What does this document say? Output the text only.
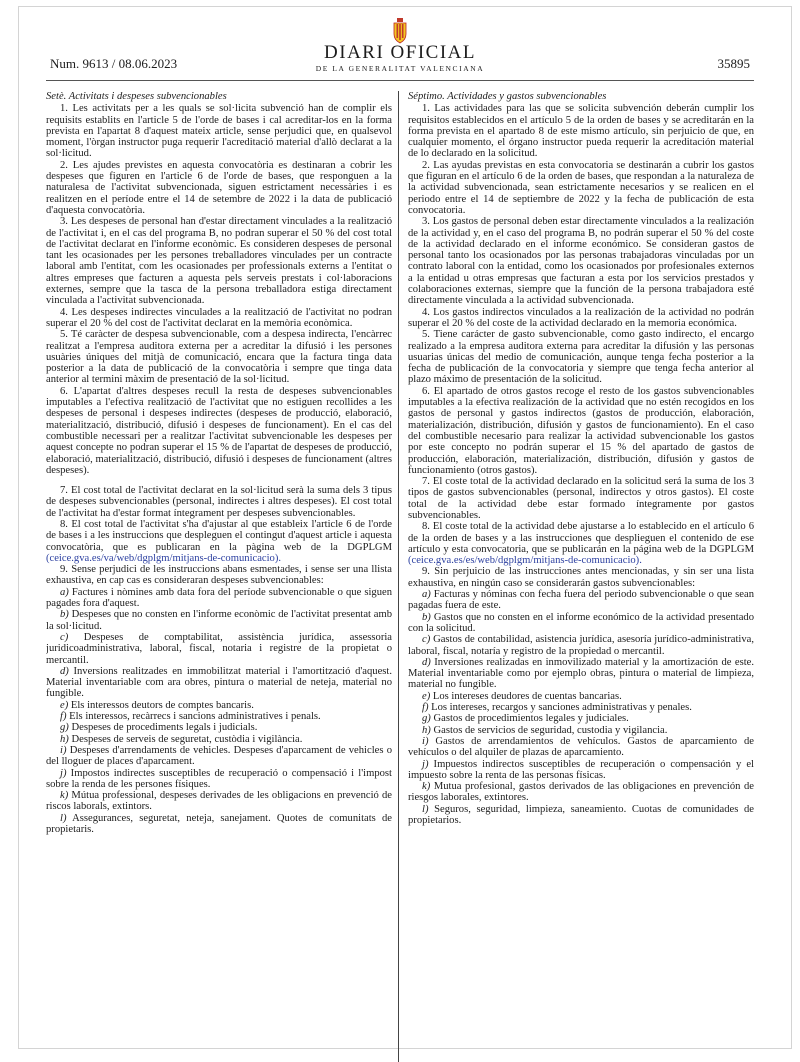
Num. 9613 / 08.06.2023
DIARI OFICIAL
DE LA GENERALITAT VALENCIANA	35895
Setè. Activitats i despeses subvencionables

1. Les activitats per a les quals se sol·licita subvenció han de complir els requisits establits en l'article 5 de l'orde de bases i cal acreditar-los en la forma prevista en l'apartat 8 d'aquest mateix article, sense perjudici que, en qualsevol moment, l'òrgan instructor puga requerir l'acreditació material d'allò declarat a la sol·licitud.

2. Les ajudes previstes en aquesta convocatòria es destinaran a cobrir les despeses que figuren en l'article 6 de l'orde de bases, que responguen a la naturalesa de l'activitat subvencionada, siguen estrictament necessàries i es realitzen en el període entre el 14 de setembre de 2022 i la data de publicació d'aquesta convocatòria.

3. Les despeses de personal han d'estar directament vinculades a la realització de l'activitat i, en el cas del programa B, no podran superar el 50 % del cost total de l'activitat declarat en l'informe econòmic. Es consideren despeses de personal tant les ocasionades per les persones treballadores vinculades per un contracte laboral amb l'entitat, com les ocasionades per professionals externs a l'entitat o altres empreses que facturen a aquesta pels serveis prestats i col·laboracions externes, sempre que la tasca de la persona treballadora estiga directament vinculada a l'activitat subvencionada.

4. Les despeses indirectes vinculades a la realització de l'activitat no podran superar el 20 % del cost de l'activitat declarat en la memòria econòmica.

5. Té caràcter de despesa subvencionable, com a despesa indirecta, l'encàrrec realitzat a l'empresa auditora externa per a acreditar la difusió i les persones usuàries úniques del mitjà de comunicació, encara que la factura tinga data posterior a la data de publicació de la convocatòria i sempre que tinga data anterior al termini màxim de presentació de la sol·licitud.

6. L'apartat d'altres despeses recull la resta de despeses subvencionables imputables a l'efectiva realització de l'activitat que no estiguen recollides a les despeses de personal i despeses indirectes (despeses de producció, elaboració, materialització, distribució, difusió i despeses de funcionament). En el cas del combustible necessari per a realitzar l'activitat subvencionable les despeses per aquest concepte no podran superar el 15 % de l'apartat de despeses de producció, elaboració, materialització, distribució, difusió i despeses de funcionament (altres despeses).

7. El cost total de l'activitat declarat en la sol·licitud serà la suma dels 3 tipus de despeses subvencionables (personal, indirectes i altres despeses). El cost total de l'activitat ha d'estar format íntegrament per despeses subvencionables.

8. El cost total de l'activitat s'ha d'ajustar al que estableix l'article 6 de l'orde de bases i a les instruccions que despleguen el contingut d'aquest article i aquesta convocatòria, que es publicaran en la pàgina web de la DGPLGM (ceice.gva.es/va/web/dgplgm/mitjans-de-comunicacio).

9. Sense perjudici de les instruccions abans esmentades, i sense ser una llista exhaustiva, en cap cas es consideraran despeses subvencionables:

a) Factures i nòmines amb data fora del període subvencionable o que siguen pagades fora d'aquest.

b) Despeses que no consten en l'informe econòmic de l'activitat presentat amb la sol·licitud.

c) Despeses de comptabilitat, assistència jurídica, assessoria juridicoadministrativa, laboral, fiscal, notaria i registre de la propietat o mercantil.

d) Inversions realitzades en immobilitzat material i l'amortització d'aquest. Material inventariable com ara obres, pintura o material de neteja, material no fungible.

e) Els interessos deutors de comptes bancaris.

f) Els interessos, recàrrecs i sancions administratives i penals.

g) Despeses de procediments legals i judicials.

h) Despeses de serveis de seguretat, custòdia i vigilància.

i) Despeses d'arrendaments de vehicles. Despeses d'aparcament de vehicles o del lloguer de places d'aparcament.

j) Impostos indirectes susceptibles de recuperació o compensació i l'impost sobre la renda de les persones físiques.

k) Mútua professional, despeses derivades de les obligacions en prevenció de riscos laborals, extintors.

l) Assegurances, seguretat, neteja, sanejament. Quotes de comunitats de propietaris.

Séptimo. Actividades y gastos subvencionables

1. Las actividades para las que se solicita subvención deberán cumplir los requisitos establecidos en el artículo 5 de la orden de bases y se acreditarán en la forma prevista en el apartado 8 de este mismo artículo, sin perjuicio de que, en cualquier momento, el órgano instructor pueda requerir la acreditación material de lo declarado en la solicitud.

2. Las ayudas previstas en esta convocatoria se destinarán a cubrir los gastos que figuran en el artículo 6 de la orden de bases, que respondan a la naturaleza de la actividad subvencionada, sean estrictamente necesarios y se realicen en el periodo entre el 14 de septiembre de 2022 y la fecha de publicación de esta convocatoria.

3. Los gastos de personal deben estar directamente vinculados a la realización de la actividad y, en el caso del programa B, no podrán superar el 50 % del coste de la actividad declarado en el informe económico. Se consideran gastos de personal tanto los ocasionados por las personas trabajadoras vinculadas por un contrato laboral con la entidad, como los ocasionados por profesionales externos a la entidad u otras empresas que facturan a esta por los servicios prestados y colaboraciones externas, siempre que la función de la persona trabajadora esté directamente vinculada a la actividad subvencionada.

4. Los gastos indirectos vinculados a la realización de la actividad no podrán superar el 20 % del coste de la actividad declarado en la memoria económica.

5. Tiene carácter de gasto subvencionable, como gasto indirecto, el encargo realizado a la empresa auditora externa para acreditar la difusión y las personas usuarias únicas del medio de comunicación, aunque tenga fecha posterior a la fecha de publicación de la convocatoria y siempre que tenga fecha anterior al plazo máximo de presentación de la solicitud.

6. El apartado de otros gastos recoge el resto de los gastos subvencionables imputables a la efectiva realización de la actividad que no estén recogidos en los gastos de personal y gastos indirectos (gastos de producción, elaboración, materialización, distribución, difusión y gastos de funcionamiento). En el caso del combustible necesario para realizar la actividad subvencionable los gastos por este concepto no podrán superar el 15 % del apartado de gastos de producción, elaboración, materialización, distribución, difusión y gastos de funcionamiento (otros gastos).

7. El coste total de la actividad declarado en la solicitud será la suma de los 3 tipos de gastos subvencionables (personal, indirectos y otros gastos). El coste total de la actividad debe estar formado íntegramente por gastos subvencionables.

8. El coste total de la actividad debe ajustarse a lo establecido en el artículo 6 de la orden de bases y a las instrucciones que desplieguen el contenido de ese artículo y esta convocatoria, que se publicarán en la página web de la DGPLGM (ceice.gva.es/es/web/dgplgm/mitjans-de-comunicacio).

9. Sin perjuicio de las instrucciones antes mencionadas, y sin ser una lista exhaustiva, en ningún caso se considerarán gastos subvencionables:

a) Facturas y nóminas con fecha fuera del periodo subvencionable o que sean pagadas fuera de este.

b) Gastos que no consten en el informe económico de la actividad presentado con la solicitud.

c) Gastos de contabilidad, asistencia jurídica, asesoría jurídico-administrativa, laboral, fiscal, notaría y registro de la propiedad o mercantil.

d) Inversiones realizadas en inmovilizado material y la amortización de este. Material inventariable como por ejemplo obras, pintura o material de limpieza, material no fungible.

e) Los intereses deudores de cuentas bancarias.

f) Los intereses, recargos y sanciones administrativas y penales.

g) Gastos de procedimientos legales y judiciales.

h) Gastos de servicios de seguridad, custodia y vigilancia.

i) Gastos de arrendamientos de vehículos. Gastos de aparcamiento de vehículos o del alquiler de plazas de aparcamiento.

j) Impuestos indirectos susceptibles de recuperación o compensación y el impuesto sobre la renta de las personas físicas.

k) Mutua profesional, gastos derivados de las obligaciones en prevención de riesgos laborales, extintores.

l) Seguros, seguridad, limpieza, saneamiento. Cuotas de comunidades de propietarios.
